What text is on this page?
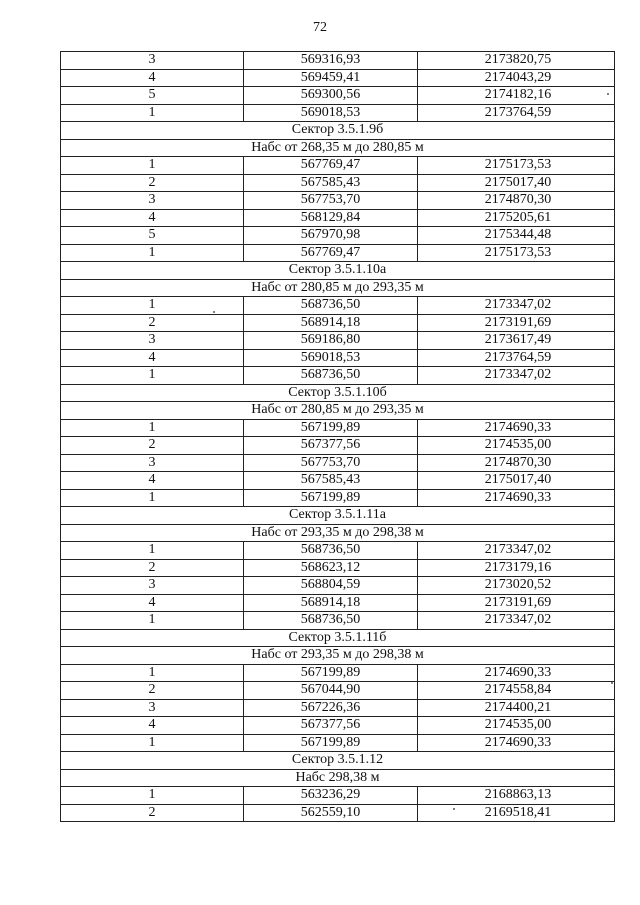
72
3	569316,93	2173820,75
4	569459,41	2174043,29
5	569300,56	2174182,16
1	569018,53	2173764,59
Сектор 3.5.1.9б		
Набс от 268,35 м до 280,85 м		
1	567769,47	2175173,53
2	567585,43	2175017,40
3	567753,70	2174870,30
4	568129,84	2175205,61
5	567970,98	2175344,48
1	567769,47	2175173,53
Сектор 3.5.1.10а		
Набс от 280,85 м до 293,35 м		
1	568736,50	2173347,02
2	568914,18	2173191,69
3	569186,80	2173617,49
4	569018,53	2173764,59
1	568736,50	2173347,02
Сектор 3.5.1.10б		
Набс от 280,85 м до 293,35 м		
1	567199,89	2174690,33
2	567377,56	2174535,00
3	567753,70	2174870,30
4	567585,43	2175017,40
1	567199,89	2174690,33
Сектор 3.5.1.11а		
Набс от 293,35 м до 298,38 м		
1	568736,50	2173347,02
2	568623,12	2173179,16
3	568804,59	2173020,52
4	568914,18	2173191,69
1	568736,50	2173347,02
Сектор 3.5.1.11б		
Набс от 293,35 м до 298,38 м		
1	567199,89	2174690,33
2	567044,90	2174558,84
3	567226,36	2174400,21
4	567377,56	2174535,00
1	567199,89	2174690,33
Сектор 3.5.1.12		
Набс 298,38 м		
1	563236,29	2168863,13
2	562559,10	2169518,41
